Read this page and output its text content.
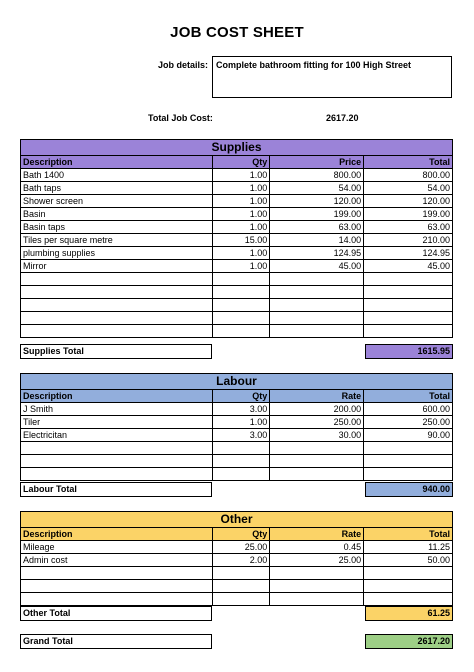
JOB COST SHEET
Job details: Complete bathroom fitting for 100 High Street
Total Job Cost:	2617.20
Supplies			
Description	Qty	Price	Total
Bath 1400	1.00	800.00	800.00
Bath taps	1.00	54.00	54.00
Shower screen	1.00	120.00	120.00
Basin	1.00	199.00	199.00
Basin taps	1.00	63.00	63.00
Tiles per square metre	15.00	14.00	210.00
plumbing supplies	1.00	124.95	124.95
Mirror	1.00	45.00	45.00

Supplies Total	1615.95
Labour			
Description	Qty	Rate	Total
J Smith	3.00	200.00	600.00
Tiler	1.00	250.00	250.00
Electricitan	3.00	30.00	90.00

Labour Total	940.00
Other			
Description	Qty	Rate	Total
Mileage	25.00	0.45	11.25
Admin cost	2.00	25.00	50.00

Other Total	61.25
Grand Total	2617.20
